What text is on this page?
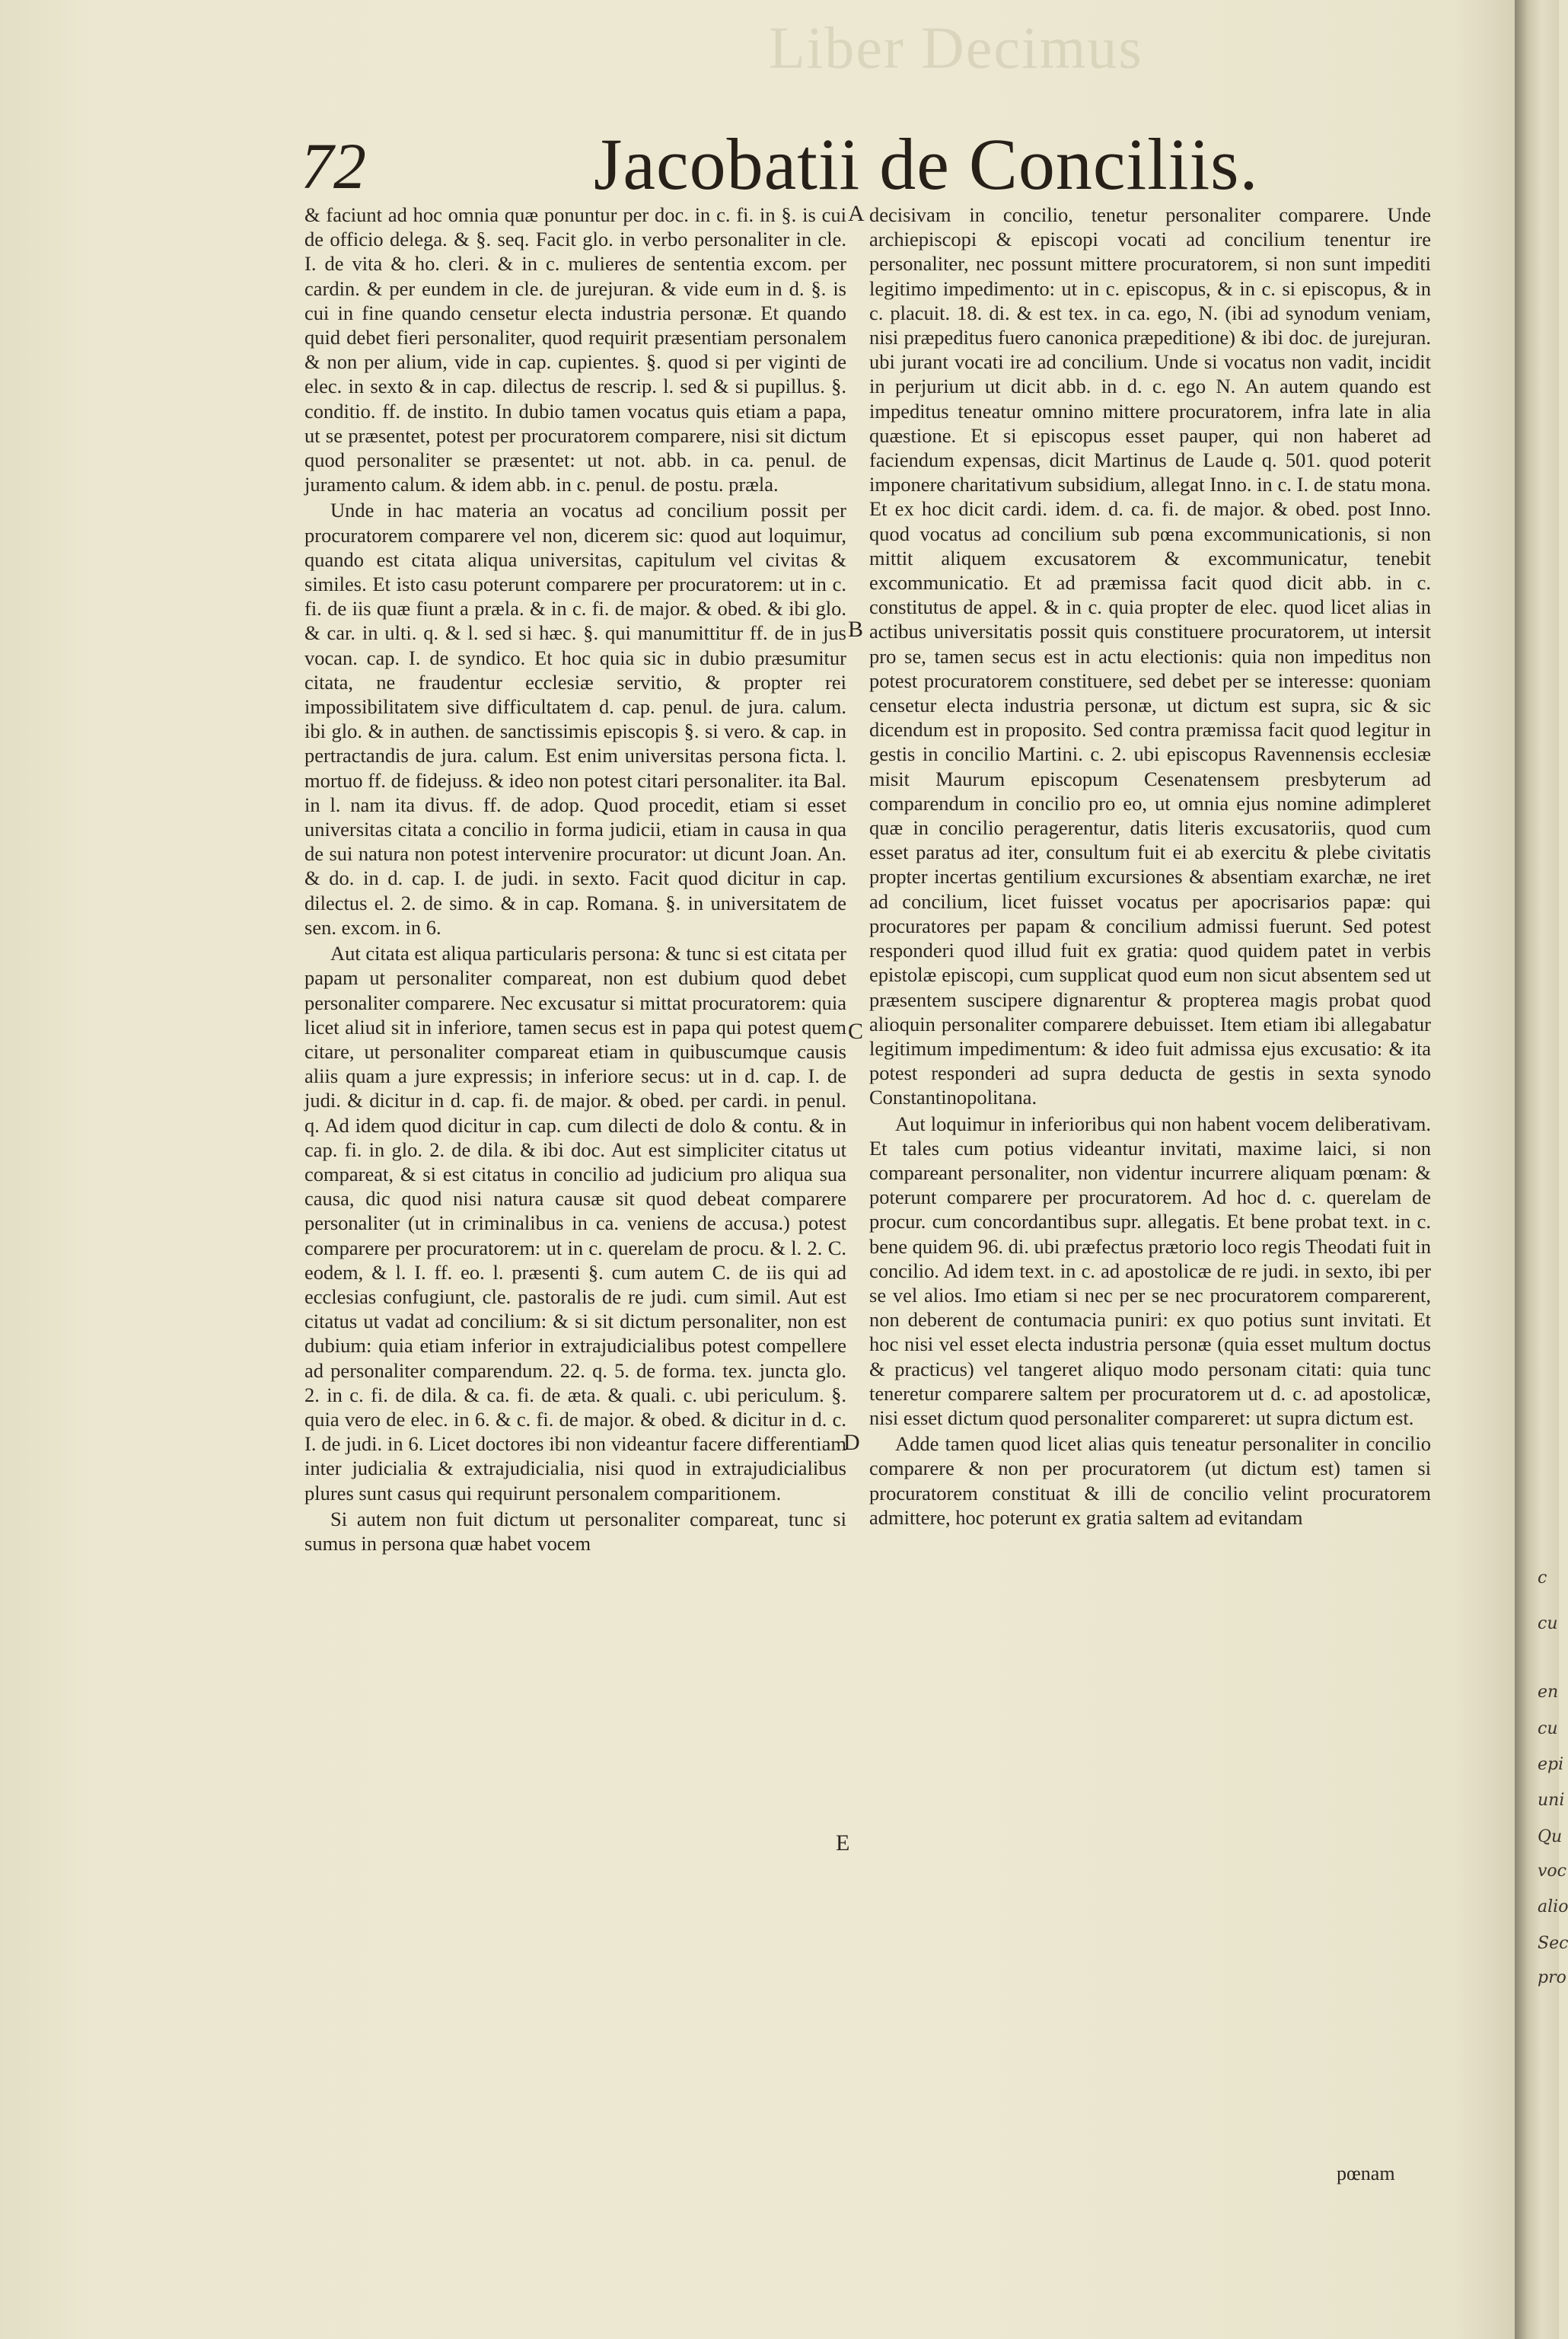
Liber Decimus
c
cu
en
cu
epi
uni
Qu
voc
alio
Sec
pro
72	Jacobatii de Conciliis.

& faciunt ad hoc omnia quæ ponuntur per doc. in c. fi. in §. is cui de officio delega. & §. seq. Facit glo. in verbo personaliter in cle. I. de vita & ho. cleri. & in c. mulieres de sententia excom. per cardin. & per eundem in cle. de jurejuran. & vide eum in d. §. is cui in fine quando censetur electa industria personæ. Et quando quid debet fieri personaliter, quod requirit præsentiam personalem & non per alium, vide in cap. cupientes. §. quod si per viginti de elec. in sexto & in cap. dilectus de rescrip. l. sed & si pupillus. §. conditio. ff. de instito. In dubio tamen vocatus quis etiam a papa, ut se præsentet, potest per procuratorem comparere, nisi sit dictum quod personaliter se præsentet: ut not. abb. in ca. penul. de juramento calum. & idem abb. in c. penul. de postu. præla.

Unde in hac materia an vocatus ad concilium possit per procuratorem comparere vel non, dicerem sic: quod aut loquimur, quando est citata aliqua universitas, capitulum vel civitas & similes. Et isto casu poterunt comparere per procuratorem: ut in c. fi. de iis quæ fiunt a præla. & in c. fi. de major. & obed. & ibi glo. & car. in ulti. q. & l. sed si hæc. §. qui manumittitur ff. de in jus vocan. cap. I. de syndico. Et hoc quia sic in dubio præsumitur citata, ne fraudentur ecclesiæ servitio, & propter rei impossibilitatem sive difficultatem d. cap. penul. de jura. calum. ibi glo. & in authen. de sanctissimis episcopis §. si vero. & cap. in pertractandis de jura. calum. Est enim universitas persona ficta. l. mortuo ff. de fidejuss. & ideo non potest citari personaliter. ita Bal. in l. nam ita divus. ff. de adop. Quod procedit, etiam si esset universitas citata a concilio in forma judicii, etiam in causa in qua de sui natura non potest intervenire procurator: ut dicunt Joan. An. & do. in d. cap. I. de judi. in sexto. Facit quod dicitur in cap. dilectus el. 2. de simo. & in cap. Romana. §. in universitatem de sen. excom. in 6.

Aut citata est aliqua particularis persona: & tunc si est citata per papam ut personaliter compareat, non est dubium quod debet personaliter comparere. Nec excusatur si mittat procuratorem: quia licet aliud sit in inferiore, tamen secus est in papa qui potest quem citare, ut personaliter compareat etiam in quibuscumque causis aliis quam a jure expressis; in inferiore secus: ut in d. cap. I. de judi. & dicitur in d. cap. fi. de major. & obed. per cardi. in penul. q. Ad idem quod dicitur in cap. cum dilecti de dolo & contu. & in cap. fi. in glo. 2. de dila. & ibi doc. Aut est simpliciter citatus ut compareat, & si est citatus in concilio ad judicium pro aliqua sua causa, dic quod nisi natura causæ sit quod debeat comparere personaliter (ut in criminalibus in ca. veniens de accusa.) potest comparere per procuratorem: ut in c. querelam de procu. & l. 2. C. eodem, & l. I. ff. eo. l. præsenti §. cum autem C. de iis qui ad ecclesias confugiunt, cle. pastoralis de re judi. cum simil. Aut est citatus ut vadat ad concilium: & si sit dictum personaliter, non est dubium: quia etiam inferior in extrajudicialibus potest compellere ad personaliter comparendum. 22. q. 5. de forma. tex. juncta glo. 2. in c. fi. de dila. & ca. fi. de æta. & quali. c. ubi periculum. §. quia vero de elec. in 6. & c. fi. de major. & obed. & dicitur in d. c. I. de judi. in 6. Licet doctores ibi non videantur facere differentiam inter judicialia & extrajudicialia, nisi quod in extrajudicialibus plures sunt casus qui requirunt personalem comparitionem.

Si autem non fuit dictum ut personaliter compareat, tunc si sumus in persona quæ habet vocem

A
B
C
D
E

decisivam in concilio, tenetur personaliter comparere. Unde archiepiscopi & episcopi vocati ad concilium tenentur ire personaliter, nec possunt mittere procuratorem, si non sunt impediti legitimo impedimento: ut in c. episcopus, & in c. si episcopus, & in c. placuit. 18. di. & est tex. in ca. ego, N. (ibi ad synodum veniam, nisi præpeditus fuero canonica præpeditione) & ibi doc. de jurejuran. ubi jurant vocati ire ad concilium. Unde si vocatus non vadit, incidit in perjurium ut dicit abb. in d. c. ego N. An autem quando est impeditus teneatur omnino mittere procuratorem, infra late in alia quæstione. Et si episcopus esset pauper, qui non haberet ad faciendum expensas, dicit Martinus de Laude q. 501. quod poterit imponere charitativum subsidium, allegat Inno. in c. I. de statu mona. Et ex hoc dicit cardi. idem. d. ca. fi. de major. & obed. post Inno. quod vocatus ad concilium sub pœna excommunicationis, si non mittit aliquem excusatorem & excommunicatur, tenebit excommunicatio. Et ad præmissa facit quod dicit abb. in c. constitutus de appel. & in c. quia propter de elec. quod licet alias in actibus universitatis possit quis constituere procuratorem, ut intersit pro se, tamen secus est in actu electionis: quia non impeditus non potest procuratorem constituere, sed debet per se interesse: quoniam censetur electa industria personæ, ut dictum est supra, sic & sic dicendum est in proposito. Sed contra præmissa facit quod legitur in gestis in concilio Martini. c. 2. ubi episcopus Ravennensis ecclesiæ misit Maurum episcopum Cesenatensem presbyterum ad comparendum in concilio pro eo, ut omnia ejus nomine adimpleret quæ in concilio peragerentur, datis literis excusatoriis, quod cum esset paratus ad iter, consultum fuit ei ab exercitu & plebe civitatis propter incertas gentilium excursiones & absentiam exarchæ, ne iret ad concilium, licet fuisset vocatus per apocrisarios papæ: qui procuratores per papam & concilium admissi fuerunt. Sed potest responderi quod illud fuit ex gratia: quod quidem patet in verbis epistolæ episcopi, cum supplicat quod eum non sicut absentem sed ut præsentem suscipere dignarentur & propterea magis probat quod alioquin personaliter comparere debuisset. Item etiam ibi allegabatur legitimum impedimentum: & ideo fuit admissa ejus excusatio: & ita potest responderi ad supra deducta de gestis in sexta synodo Constantinopolitana.

Aut loquimur in inferioribus qui non habent vocem deliberativam. Et tales cum potius videantur invitati, maxime laici, si non compareant personaliter, non videntur incurrere aliquam pœnam: & poterunt comparere per procuratorem. Ad hoc d. c. querelam de procur. cum concordantibus supr. allegatis. Et bene probat text. in c. bene quidem 96. di. ubi præfectus prætorio loco regis Theodati fuit in concilio. Ad idem text. in c. ad apostolicæ de re judi. in sexto, ibi per se vel alios. Imo etiam si nec per se nec procuratorem comparerent, non deberent de contumacia puniri: ex quo potius sunt invitati. Et hoc nisi vel esset electa industria personæ (quia esset multum doctus & practicus) vel tangeret aliquo modo personam citati: quia tunc teneretur comparere saltem per procuratorem ut d. c. ad apostolicæ, nisi esset dictum quod personaliter compareret: ut supra dictum est.

Adde tamen quod licet alias quis teneatur personaliter in concilio comparere & non per procuratorem (ut dictum est) tamen si procuratorem constituat & illi de concilio velint procuratorem admittere, hoc poterunt ex gratia saltem ad evitandam

pœnam
